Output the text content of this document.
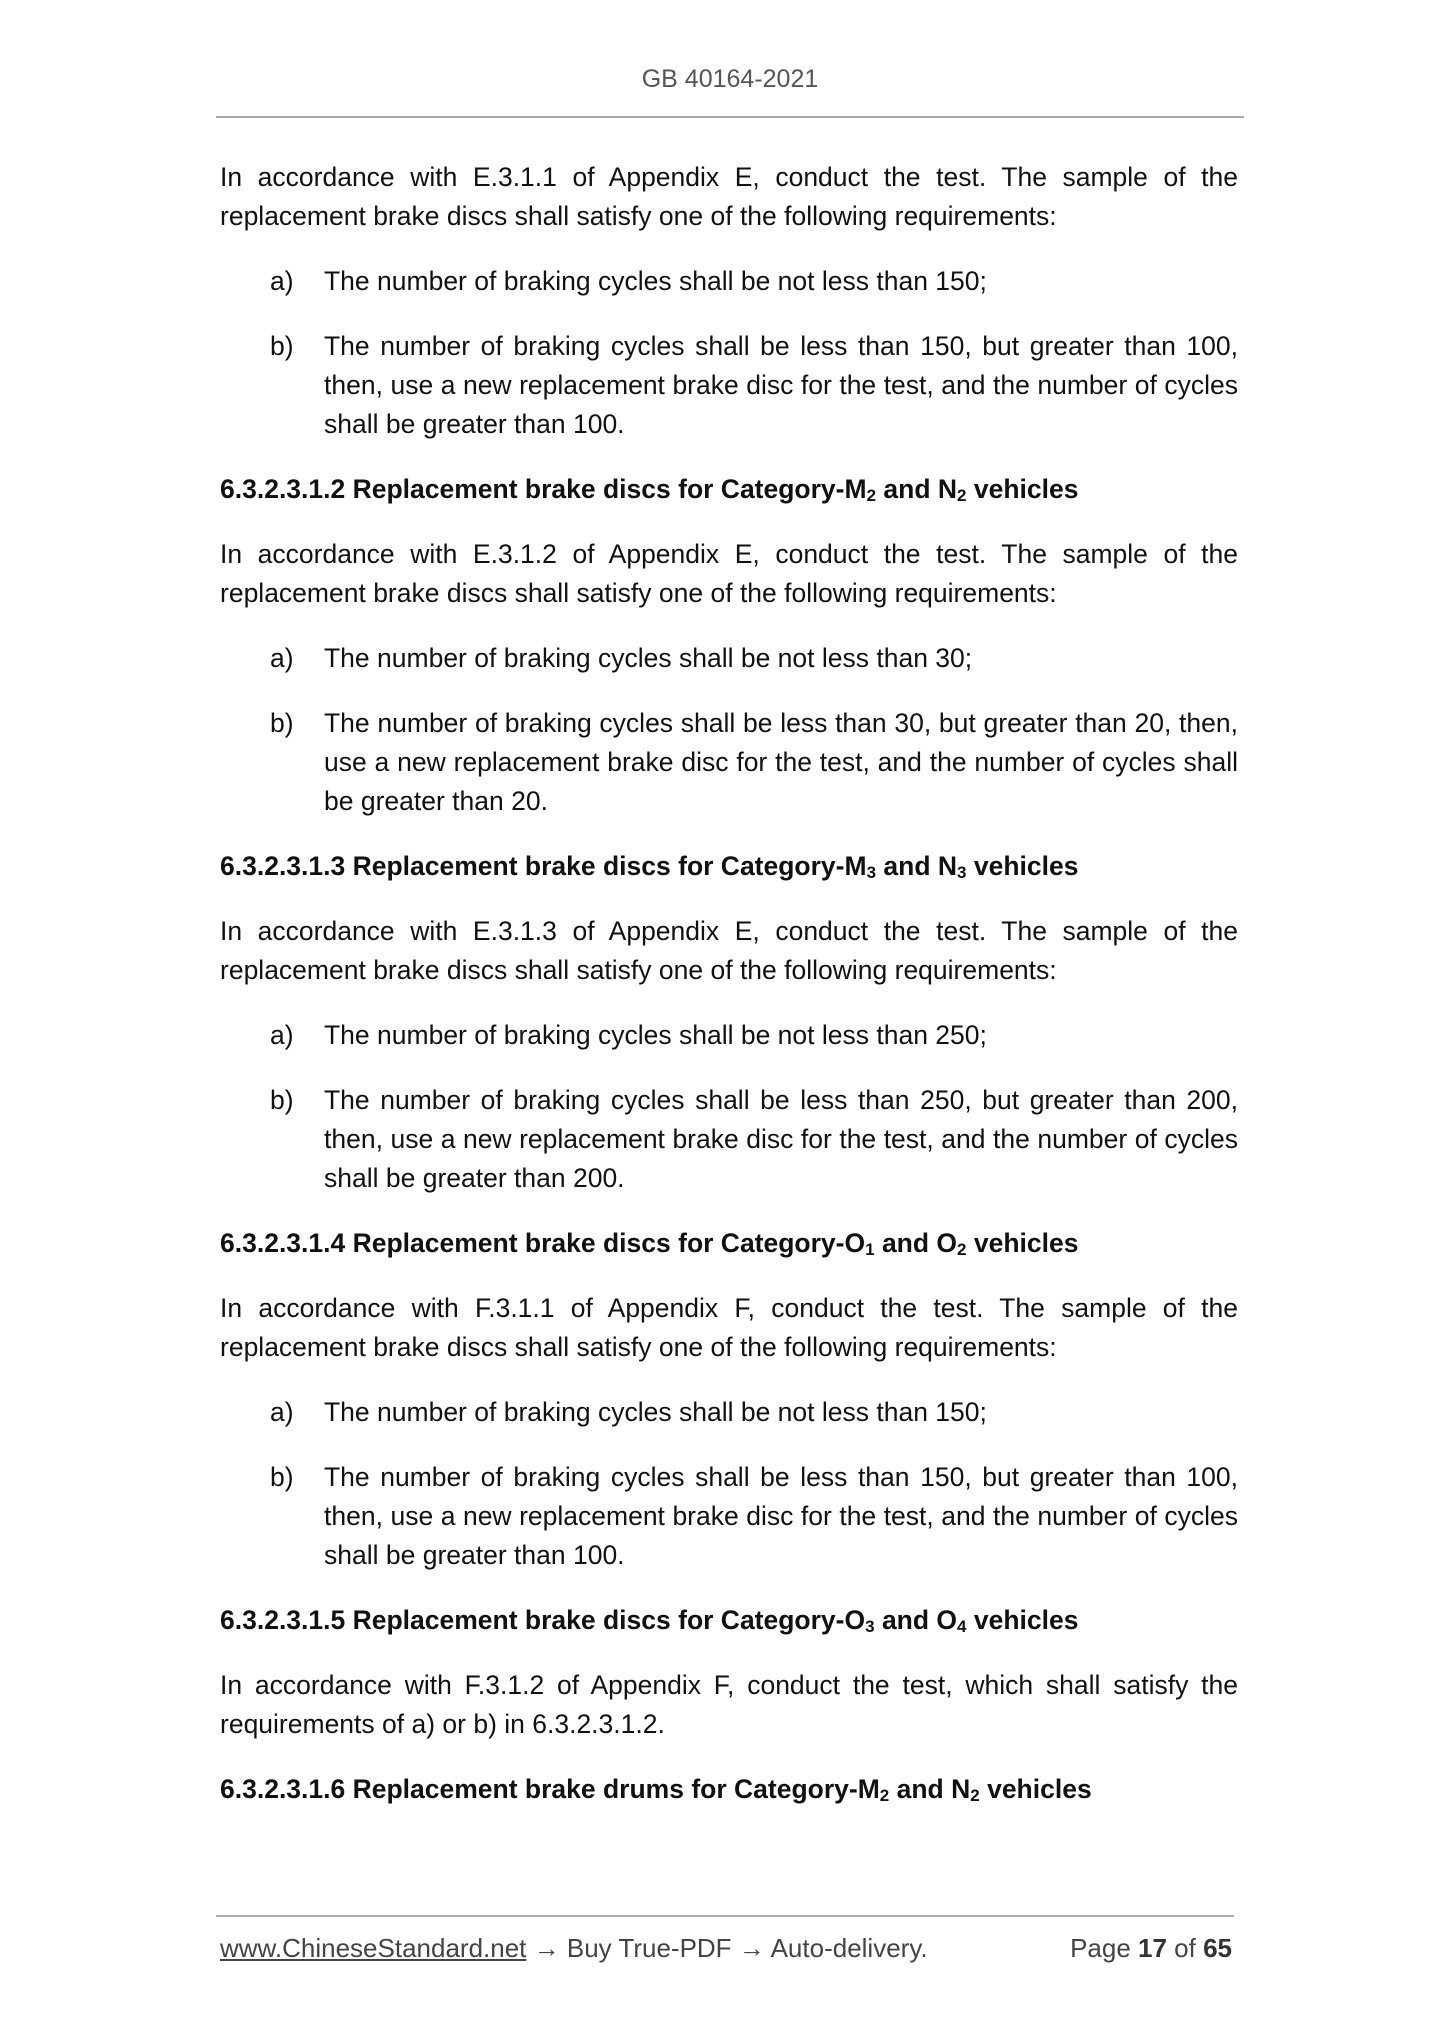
GB 40164-2021

In accordance with E.3.1.1 of Appendix E, conduct the test. The sample of the replacement brake discs shall satisfy one of the following requirements:

a) The number of braking cycles shall be not less than 150;
b) The number of braking cycles shall be less than 150, but greater than 100, then, use a new replacement brake disc for the test, and the number of cycles shall be greater than 100.
6.3.2.3.1.2 Replacement brake discs for Category-$M_2$ and $N_2$ vehicles

In accordance with E.3.1.2 of Appendix E, conduct the test. The sample of the replacement brake discs shall satisfy one of the following requirements:

a) The number of braking cycles shall be not less than 30;
b) The number of braking cycles shall be less than 30, but greater than 20, then, use a new replacement brake disc for the test, and the number of cycles shall be greater than 20.
6.3.2.3.1.3 Replacement brake discs for Category-$M_3$ and $N_3$ vehicles

In accordance with E.3.1.3 of Appendix E, conduct the test. The sample of the replacement brake discs shall satisfy one of the following requirements:

a) The number of braking cycles shall be not less than 250;
b) The number of braking cycles shall be less than 250, but greater than 200, then, use a new replacement brake disc for the test, and the number of cycles shall be greater than 200.
6.3.2.3.1.4 Replacement brake discs for Category-$O_1$ and $O_2$ vehicles

In accordance with F.3.1.1 of Appendix F, conduct the test. The sample of the replacement brake discs shall satisfy one of the following requirements:

a) The number of braking cycles shall be not less than 150;
b) The number of braking cycles shall be less than 150, but greater than 100, then, use a new replacement brake disc for the test, and the number of cycles shall be greater than 100.
6.3.2.3.1.5 Replacement brake discs for Category-$O_3$ and $O_4$ vehicles

In accordance with F.3.1.2 of Appendix F, conduct the test, which shall satisfy the requirements of a) or b) in 6.3.2.3.1.2.

6.3.2.3.1.6 Replacement brake drums for Category-$M_2$ and $N_2$ vehicles
www.ChineseStandard.net → Buy True-PDF → Auto-delivery.	Page 17 of 65
